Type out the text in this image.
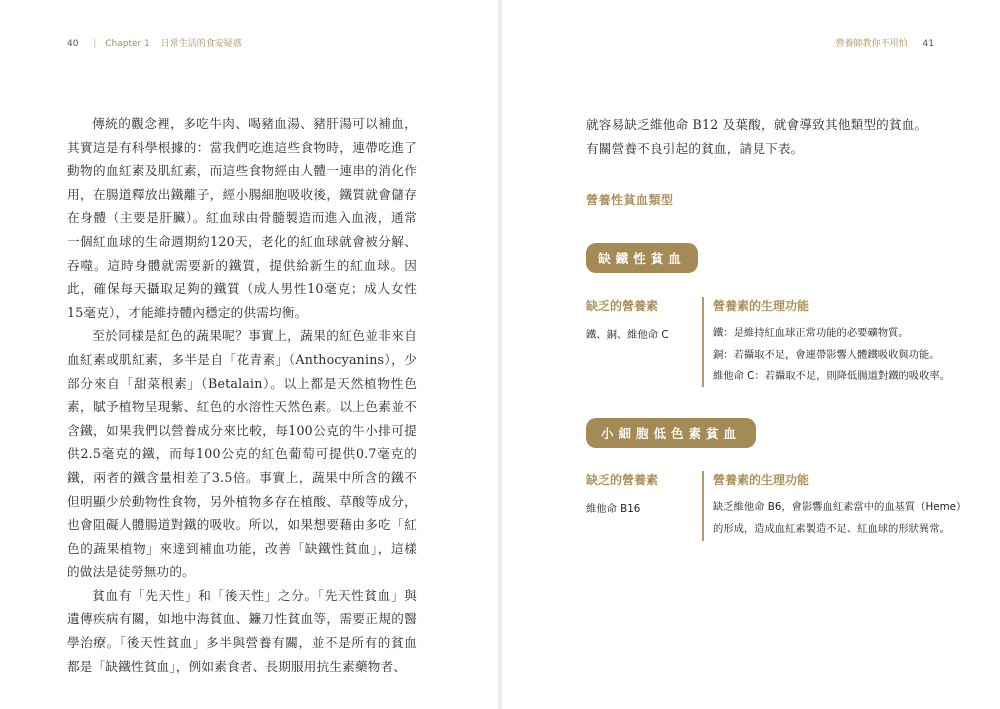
40 | Chapter 1 日常生活的食安疑惑	營養師教你不用怕 41

傳統的觀念裡，多吃牛肉、喝豬血湯、豬肝湯可以補血，其實這是有科學根據的：當我們吃進這些食物時，連帶吃進了動物的血紅素及肌紅素，而這些食物經由人體一連串的消化作用，在腸道釋放出鐵離子，經小腸細胞吸收後，鐵質就會儲存在身體（主要是肝臟）。紅血球由骨髓製造而進入血液，通常一個紅血球的生命週期約120天，老化的紅血球就會被分解、吞噬。這時身體就需要新的鐵質，提供給新生的紅血球。因此，確保每天攝取足夠的鐵質（成人男性10毫克；成人女性15毫克），才能維持體內穩定的供需均衡。

至於同樣是紅色的蔬果呢？事實上，蔬果的紅色並非來自血紅素或肌紅素，多半是自「花青素」（Anthocyanins），少部分來自「甜菜根素」（Betalain）。以上都是天然植物性色素，賦予植物呈現紫、紅色的水溶性天然色素。以上色素並不含鐵，如果我們以營養成分來比較，每100公克的牛小排可提供2.5毫克的鐵，而每100公克的紅色葡萄可提供0.7毫克的鐵，兩者的鐵含量相差了3.5倍。事實上，蔬果中所含的鐵不但明顯少於動物性食物，另外植物多存在植酸、草酸等成分，也會阻礙人體腸道對鐵的吸收。所以，如果想要藉由多吃「紅色的蔬果植物」來達到補血功能，改善「缺鐵性貧血」，這樣的做法是徒勞無功的。

貧血有「先天性」和「後天性」之分。「先天性貧血」與遺傳疾病有關，如地中海貧血、鐮刀性貧血等，需要正規的醫學治療。「後天性貧血」多半與營養有關，並不是所有的貧血都是「缺鐵性貧血」，例如素食者、長期服用抗生素藥物者、

就容易缺乏維他命 B12 及葉酸，就會導致其他類型的貧血。

有關營養不良引起的貧血，請見下表。

營養性貧血類型
缺鐵性貧血
缺乏的營養素	營養素的生理功能
鐵、銅、維他命 C	鐵：是維持紅血球正常功能的必要礦物質。
銅：若攝取不足，會連帶影響人體鐵吸收與功能。
維他命 C：若攝取不足，則降低腸道對鐵的吸收率。
小細胞低色素貧血
缺乏的營養素	營養素的生理功能
維他命 B16	缺乏維他命 B6，會影響血紅素當中的血基質（Heme）
的形成，造成血紅素製造不足、紅血球的形狀異常。
